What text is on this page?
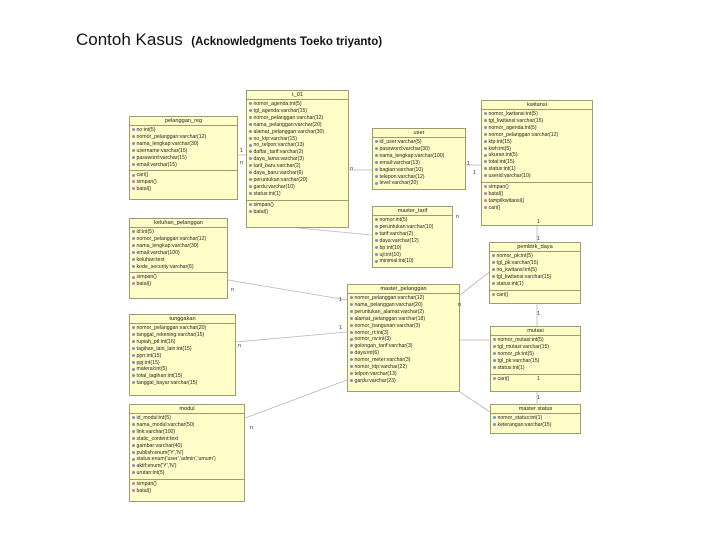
Contoh Kasus (Acknowledgments Toeko triyanto)
t_01
nomor_agenda:int(5)
tgl_agenda:varchar(15)
nomor_pelanggan:varchar(12)
nama_pelanggan:varchar(20)
alamat_pelanggan:varchar(30)
no_ktp:varchar(15)
no_telpon:varchar(13)
daftar_tarif:varchar(2)
daya_lama:varchar(3)
tarif_baru:varchar(2)
daya_baru:varchar(6)
peruntukan:varchar(20)
gardu:varchar(10)
status:int(1)
simpan()
batal()
pelanggan_reg
no:int(5)
nomor_pelanggan:varchar(12)
nama_lengkap:varchar(30)
username:varchar(15)
password:varchar(15)
email:varchar(15)
cari()
simpan()
batal()
user
id_user:varchar(5)
password:varchar(30)
nama_lengkap:varchar(100)
email:varchar(13)
bagian:varchar(10)
telepon:varchar(12)
level:varchar(20)
kwitansi
nomor_kwitansi:int(5)
tgl_kwitansi:varchar(15)
nomor_agenda:int(5)
nomor_pelanggan:varchar(12)
ktp:int(15)
kwh:int(5)
ukuran:int(5)
total:int(15)
status:int(1)
userid:varchar(10)
simpan()
batal()
tampilkwitansi()
cari()
keluhan_pelanggan
id:int(5)
nomor_pelanggan:varchar(12)
nama_lengkap:varchar(30)
email:varchar(100)
keluhan:text
kode_security:varchar(6)
simpan()
batal()
master_tarif
nomor:int(5)
peruntukan:varchar(10)
tarif:varchar(2)
daya:varchar(12)
bp:int(10)
ujl:int(10)
minimal:int(10)
pembtrk_daya
nomor_pk:int(5)
tgl_pk:varchar(15)
no_kwitansi:int(5)
tgl_kwitansi:varchar(15)
status:int(1)
cari()
master_pelanggan
nomor_pelanggan:varchar(12)
nama_pelanggan:varchar(20)
peruntukan_alamat:varchar(2)
alamat_pelanggan:varchar(18)
nomor_bangunan:varchar(3)
nomor_rt:int(3)
nomor_rw:int(3)
golongan_tarif:varchar(3)
daya:int(6)
nomor_meter:varchar(3)
nomor_ktp:varchar(22)
telpon:varchar(13)
gardu:varchar(23)
tunggakan
nomor_pelanggan:varchar(20)
tanggal_rekening:varchar(15)
rupiah_ptl:int(16)
tagihan_lain_lain:int(15)
ppn:int(15)
ppj:int(15)
materai:int(5)
total_tagihan:int(15)
tanggal_bayar:varchar(15)
mutasi
nomor_mutasi:int(5)
tgl_mutasi:varchar(15)
nomor_pk:int(5)
tgl_pk:varchar(15)
status:int(1)
cari()
modul
id_modul:int(5)
nama_modul:varchar(50)
link:varchar(100)
static_content:text
gambar:varchar(40)
publish:enum('Y','N')
status:enum('user','admin','umum')
aktif:enum('Y','N')
urutan:int(5)
simpan()
batal()
master status
nomor_status:int(1)
keterangan:varchar(15)
n
1
n
1
1
n
1
n
1
1
1
n
n
1
n
1
1
